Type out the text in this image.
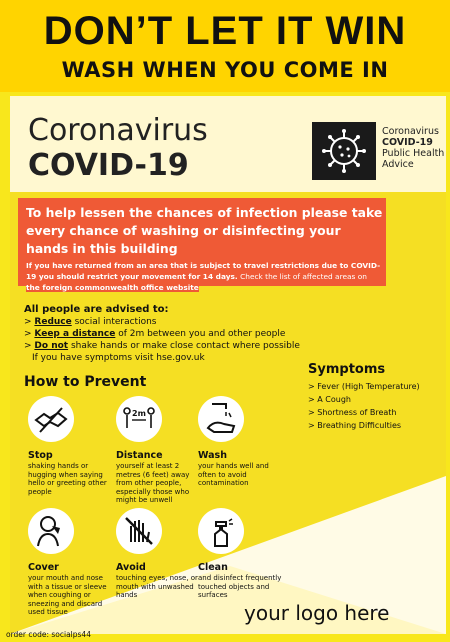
DON’T LET IT WIN
WASH WHEN YOU COME IN
Coronavirus
COVID-19
Coronavirus
COVID-19
Public Health
Advice
To help lessen the chances of infection please take every chance of washing or disinfecting your hands in this building
If you have returned from an area that is subject to travel restrictions due to COVID-19 you should restrict your movement for 14 days. Check the list of affected areas on the foreign commonwealth office website
All people are advised to:
> Reduce social interactions
> Keep a distance of 2m between you and other people
> Do not shake hands or make close contact where possible
If you have symptoms visit hse.gov.uk
Symptoms
> Fever (High Temperature)
> A Cough
> Shortness of Breath
> Breathing Difficulties
How to Prevent
2m
Stop
shaking hands or hugging when saying hello or greeting other people
Distance
yourself at least 2 metres (6 feet) away from other people, especially those who might be unwell
Wash
your hands well and often to avoid contamination
Cover
your mouth and nose with a tissue or sleeve when coughing or sneezing and discard used tissue
Avoid
touching eyes, nose, or mouth with unwashed hands
Clean
and disinfect frequently touched objects and surfaces
your logo here
order code: socialps44
